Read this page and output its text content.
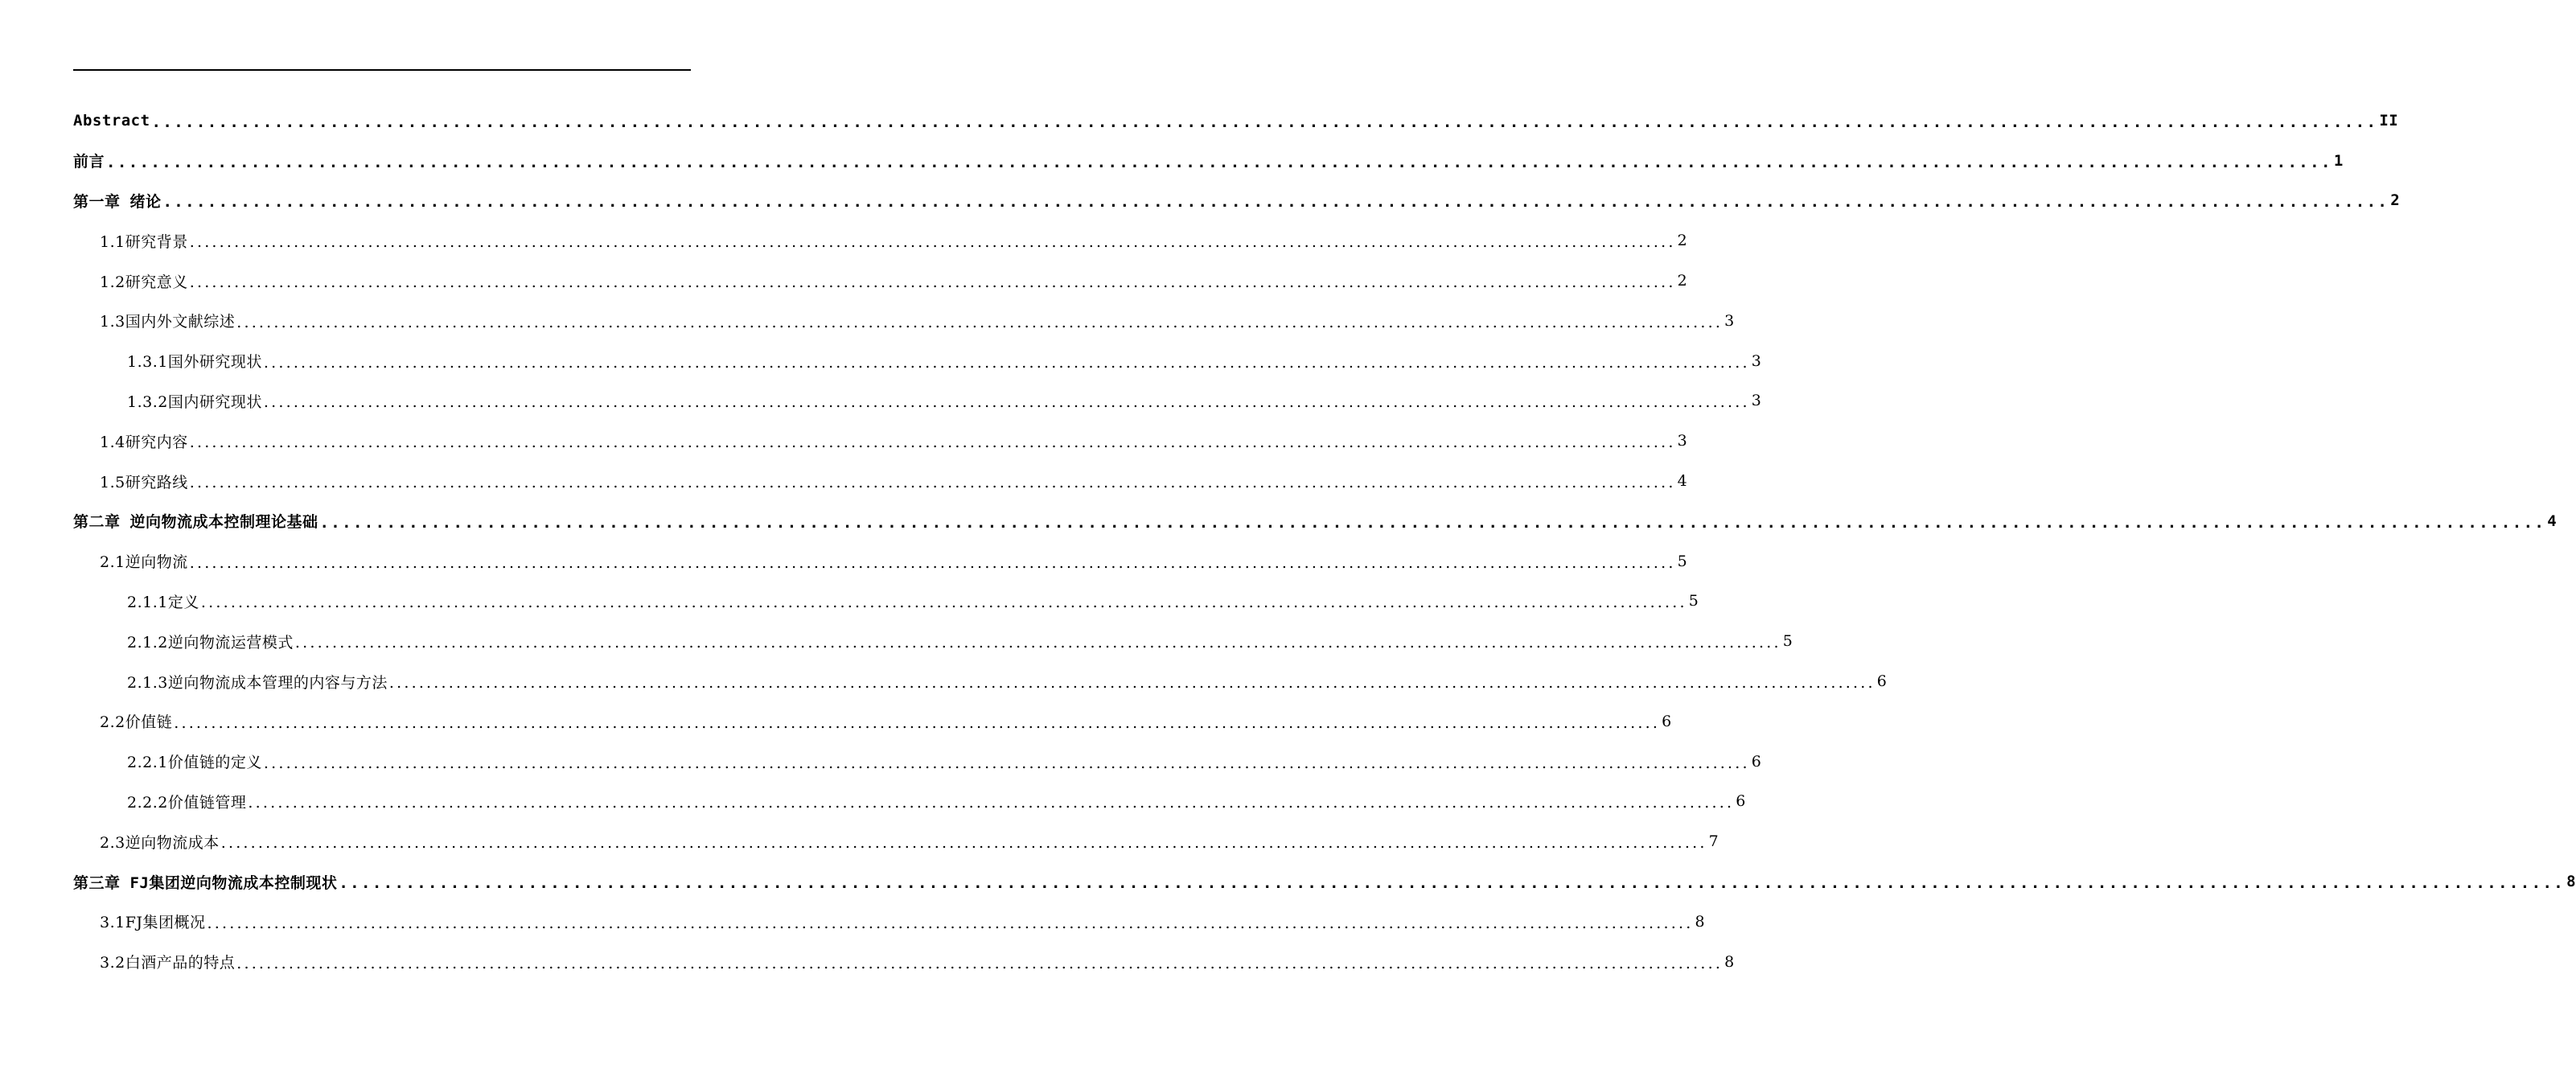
Abstract ........................................................................................................................................................................................................ II
前言 ........................................................................................................................................................................................................ 1
第一章 绪论 ........................................................................................................................................................................................................ 2
1.1研究背景 ........................................................................................................................................................................................................ 2
1.2研究意义 ........................................................................................................................................................................................................ 2
1.3国内外文献综述 ........................................................................................................................................................................................................ 3
1.3.1国外研究现状 ........................................................................................................................................................................................................ 3
1.3.2国内研究现状 ........................................................................................................................................................................................................ 3
1.4研究内容 ........................................................................................................................................................................................................ 3
1.5研究路线 ........................................................................................................................................................................................................ 4
第二章 逆向物流成本控制理论基础 ........................................................................................................................................................................................................ 4
2.1逆向物流 ........................................................................................................................................................................................................ 5
2.1.1定义 ........................................................................................................................................................................................................ 5
2.1.2逆向物流运营模式 ........................................................................................................................................................................................................ 5
2.1.3逆向物流成本管理的内容与方法 ........................................................................................................................................................................................................ 6
2.2价值链 ........................................................................................................................................................................................................ 6
2.2.1价值链的定义 ........................................................................................................................................................................................................ 6
2.2.2价值链管理 ........................................................................................................................................................................................................ 6
2.3逆向物流成本 ........................................................................................................................................................................................................ 7
第三章 FJ集团逆向物流成本控制现状 ........................................................................................................................................................................................................ 8
3.1FJ集团概况 ........................................................................................................................................................................................................ 8
3.2白酒产品的特点 ........................................................................................................................................................................................................ 8
